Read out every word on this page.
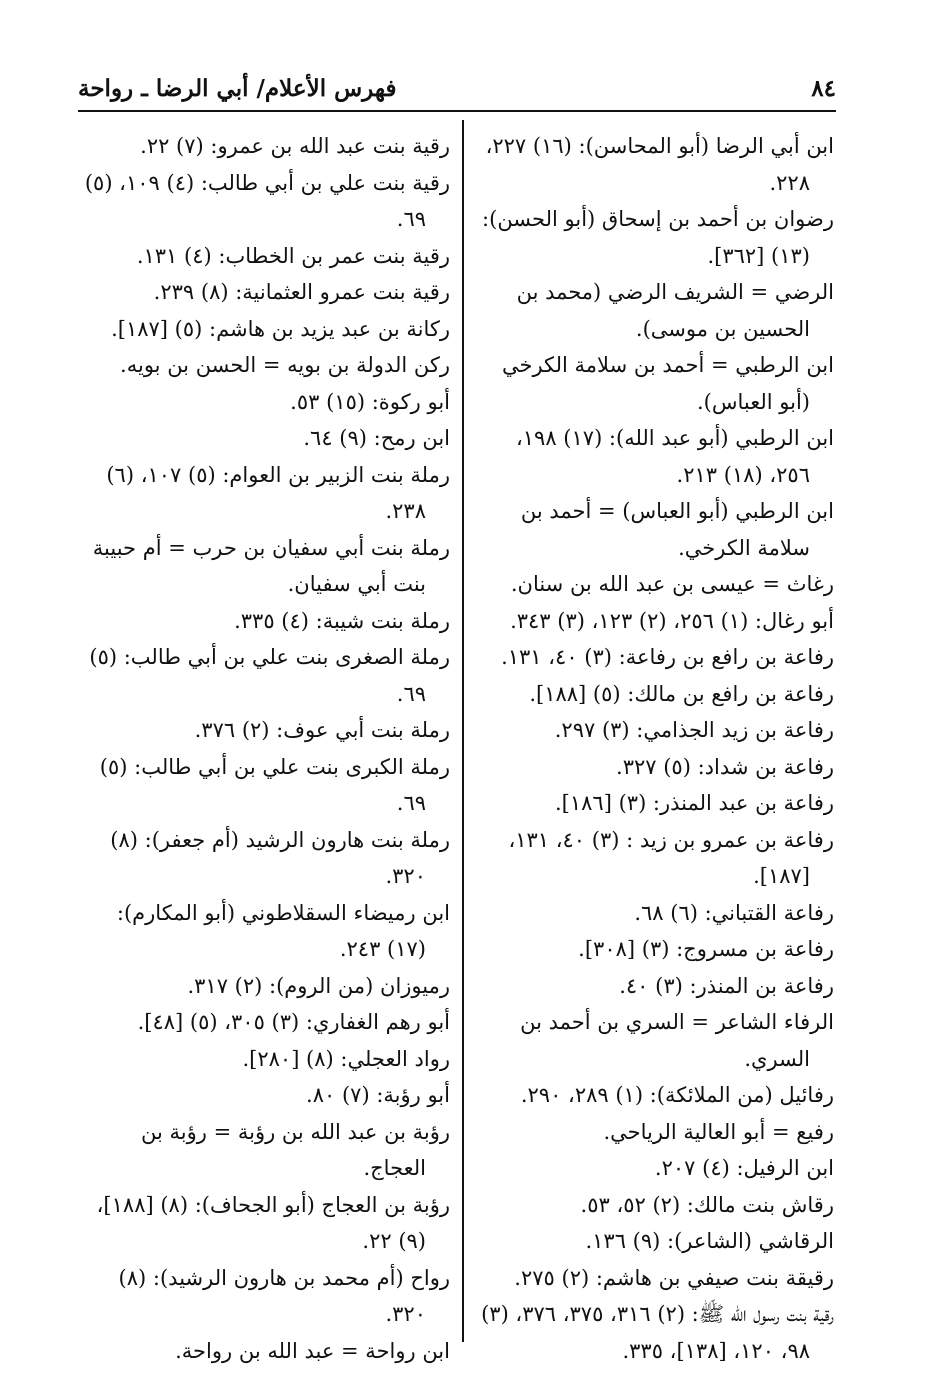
٨٤
فهرس الأعلام/ أبي الرضا ـ رواحة

ابن أبي الرضا (أبو المحاسن): (١٦) ٢٢٧، ٢٢٨.

رضوان بن أحمد بن إسحاق (أبو الحسن): (١٣) [٣٦٢].

الرضي = الشريف الرضي (محمد بن الحسين بن موسى).

ابن الرطبي = أحمد بن سلامة الكرخي (أبو العباس).

ابن الرطبي (أبو عبد الله): (١٧) ١٩٨، ٢٥٦، (١٨) ٢١٣.

ابن الرطبي (أبو العباس) = أحمد بن سلامة الكرخي.

رغاث = عيسى بن عبد الله بن سنان.

أبو رغال: (١) ٢٥٦، (٢) ١٢٣، (٣) ٣٤٣.

رفاعة بن رافع بن رفاعة: (٣) ٤٠، ١٣١.

رفاعة بن رافع بن مالك: (٥) [١٨٨].

رفاعة بن زيد الجذامي: (٣) ٢٩٧.

رفاعة بن شداد: (٥) ٣٢٧.

رفاعة بن عبد المنذر: (٣) [١٨٦].

رفاعة بن عمرو بن زيد : (٣) ٤٠، ١٣١، [١٨٧].

رفاعة القتباني: (٦) ٦٨.

رفاعة بن مسروج: (٣) [٣٠٨].

رفاعة بن المنذر: (٣) ٤٠.

الرفاء الشاعر = السري بن أحمد بن السري.

رفائيل (من الملائكة): (١) ٢٨٩، ٢٩٠.

رفيع = أبو العالية الرياحي.

ابن الرفيل: (٤) ٢٠٧.

رقاش بنت مالك: (٢) ٥٢، ٥٣.

الرقاشي (الشاعر): (٩) ١٣٦.

رقيقة بنت صيفي بن هاشم: (٢) ٢٧٥.

رقية بنت رسول الله ﷺ: (٢) ٣١٦، ٣٧٥، ٣٧٦، (٣) ٩٨، ١٢٠، [١٣٨]، ٣٣٥.

رقية بنت عبد الله بن عمرو: (٧) ٢٢.

رقية بنت علي بن أبي طالب: (٤) ١٠٩، (٥) ٦٩.

رقية بنت عمر بن الخطاب: (٤) ١٣١.

رقية بنت عمرو العثمانية: (٨) ٢٣٩.

ركانة بن عبد يزيد بن هاشم: (٥) [١٨٧].

ركن الدولة بن بويه = الحسن بن بويه.

أبو ركوة: (١٥) ٥٣.

ابن رمح: (٩) ٦٤.

رملة بنت الزبير بن العوام: (٥) ١٠٧، (٦) ٢٣٨.

رملة بنت أبي سفيان بن حرب = أم حبيبة بنت أبي سفيان.

رملة بنت شيبة: (٤) ٣٣٥.

رملة الصغرى بنت علي بن أبي طالب: (٥) ٦٩.

رملة بنت أبي عوف: (٢) ٣٧٦.

رملة الكبرى بنت علي بن أبي طالب: (٥) ٦٩.

رملة بنت هارون الرشيد (أم جعفر): (٨) ٣٢٠.

ابن رميضاء السقلاطوني (أبو المكارم): (١٧) ٢٤٣.

رميوزان (من الروم): (٢) ٣١٧.

أبو رهم الغفاري: (٣) ٣٠٥، (٥) [٤٨].

رواد العجلي: (٨) [٢٨٠].

أبو رؤبة: (٧) ٨٠.

رؤبة بن عبد الله بن رؤبة = رؤبة بن العجاج.

رؤبة بن العجاج (أبو الجحاف): (٨) [١٨٨]، (٩) ٢٢.

رواح (أم محمد بن هارون الرشيد): (٨) ٣٢٠.

ابن رواحة = عبد الله بن رواحة.
